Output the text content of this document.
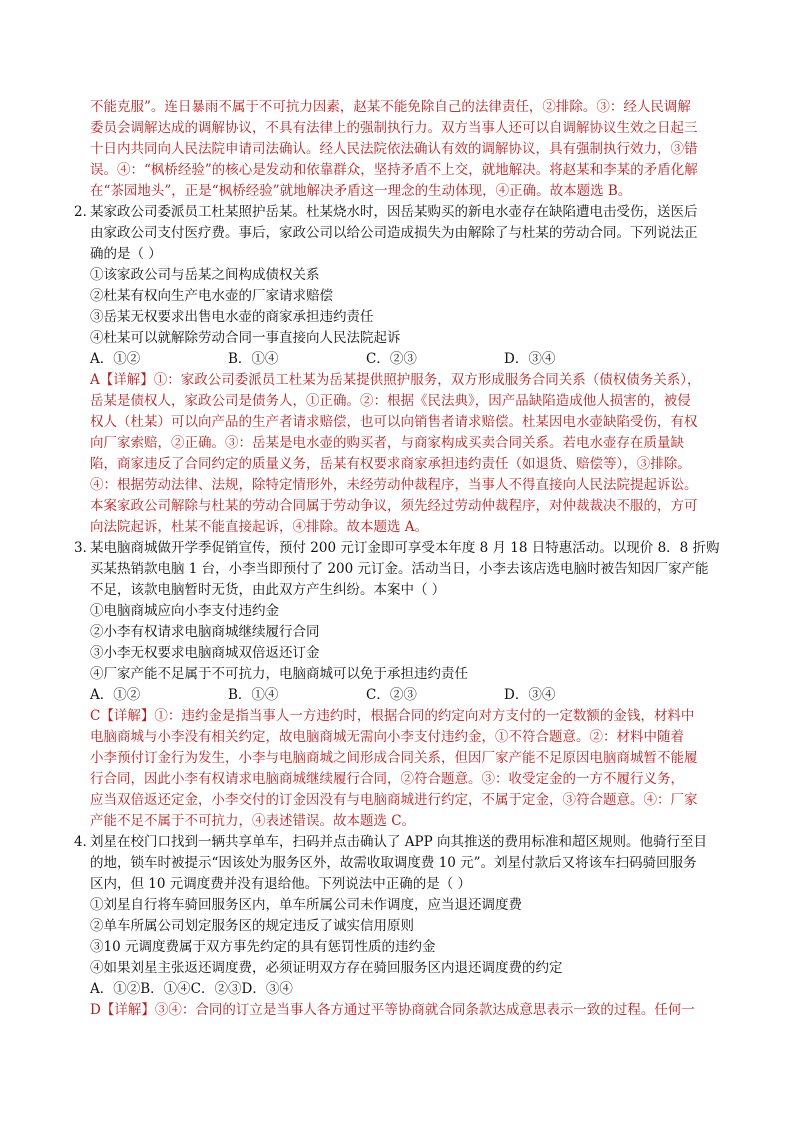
不能克服”。连日暴雨不属于不可抗力因素，赵某不能免除自己的法律责任，②排除。③：经人民调解
委员会调解达成的调解协议，不具有法律上的强制执行力。双方当事人还可以自调解协议生效之日起三
十日内共同向人民法院申请司法确认。经人民法院依法确认有效的调解协议，具有强制执行效力，③错
误。④：“枫桥经验”的核心是发动和依靠群众，坚持矛盾不上交，就地解决。将赵某和李某的矛盾化解
在“茶园地头”，正是“枫桥经验”就地解决矛盾这一理念的生动体现，④正确。故本题选 B。
2．某家政公司委派员工杜某照护岳某。杜某烧水时，因岳某购买的新电水壶存在缺陷遭电击受伤，送医后
由家政公司支付医疗费。事后，家政公司以给公司造成损失为由解除了与杜某的劳动合同。下列说法正
确的是（ ）
①该家政公司与岳某之间构成债权关系
②杜某有权向生产电水壶的厂家请求赔偿
③岳某无权要求出售电水壶的商家承担违约责任
④杜某可以就解除劳动合同一事直接向人民法院起诉
A．①②	B．①④	C．②③	D．③④
A【详解】①：家政公司委派员工杜某为岳某提供照护服务，双方形成服务合同关系（债权债务关系），
岳某是债权人，家政公司是债务人，①正确。②：根据《民法典》，因产品缺陷造成他人损害的，被侵
权人（杜某）可以向产品的生产者请求赔偿，也可以向销售者请求赔偿。杜某因电水壶缺陷受伤，有权
向厂家索赔，②正确。③：岳某是电水壶的购买者，与商家构成买卖合同关系。若电水壶存在质量缺
陷，商家违反了合同约定的质量义务，岳某有权要求商家承担违约责任（如退货、赔偿等），③排除。
④：根据劳动法律、法规，除特定情形外，未经劳动仲裁程序，当事人不得直接向人民法院提起诉讼。
本案家政公司解除与杜某的劳动合同属于劳动争议，须先经过劳动仲裁程序，对仲裁裁决不服的，方可
向法院起诉，杜某不能直接起诉，④排除。故本题选 A。
3．某电脑商城做开学季促销宣传，预付 200 元订金即可享受本年度 8 月 18 日特惠活动。以现价 8．8 折购
买某热销款电脑 1 台，小李当即预付了 200 元订金。活动当日，小李去该店选电脑时被告知因厂家产能
不足，该款电脑暂时无货，由此双方产生纠纷。本案中（ ）
①电脑商城应向小李支付违约金
②小李有权请求电脑商城继续履行合同
③小李无权要求电脑商城双倍返还订金
④厂家产能不足属于不可抗力，电脑商城可以免于承担违约责任
A．①②	B．①④	C．②③	D．③④
C【详解】①：违约金是指当事人一方违约时，根据合同的约定向对方支付的一定数额的金钱，材料中
电脑商城与小李没有相关约定，故电脑商城无需向小李支付违约金，①不符合题意。②：材料中随着
小李预付订金行为发生，小李与电脑商城之间形成合同关系，但因厂家产能不足原因电脑商城暂不能履
行合同，因此小李有权请求电脑商城继续履行合同，②符合题意。③：收受定金的一方不履行义务，
应当双倍返还定金，小李交付的订金因没有与电脑商城进行约定，不属于定金，③符合题意。④：厂家
产能不足不属于不可抗力，④表述错误。故本题选 C。
4．刘星在校门口找到一辆共享单车，扫码并点击确认了 APP 向其推送的费用标准和超区规则。他骑行至目
的地，锁车时被提示“因该处为服务区外，故需收取调度费 10 元”。刘星付款后又将该车扫码骑回服务
区内，但 10 元调度费并没有退给他。下列说法中正确的是（ ）
①刘星自行将车骑回服务区内，单车所属公司未作调度，应当退还调度费
②单车所属公司划定服务区的规定违反了诚实信用原则
③10 元调度费属于双方事先约定的具有惩罚性质的违约金
④如果刘星主张返还调度费，必须证明双方存在骑回服务区内退还调度费的约定
A．①②B．①④C．②③D．③④
D【详解】③④：合同的订立是当事人各方通过平等协商就合同条款达成意思表示一致的过程。任何一
